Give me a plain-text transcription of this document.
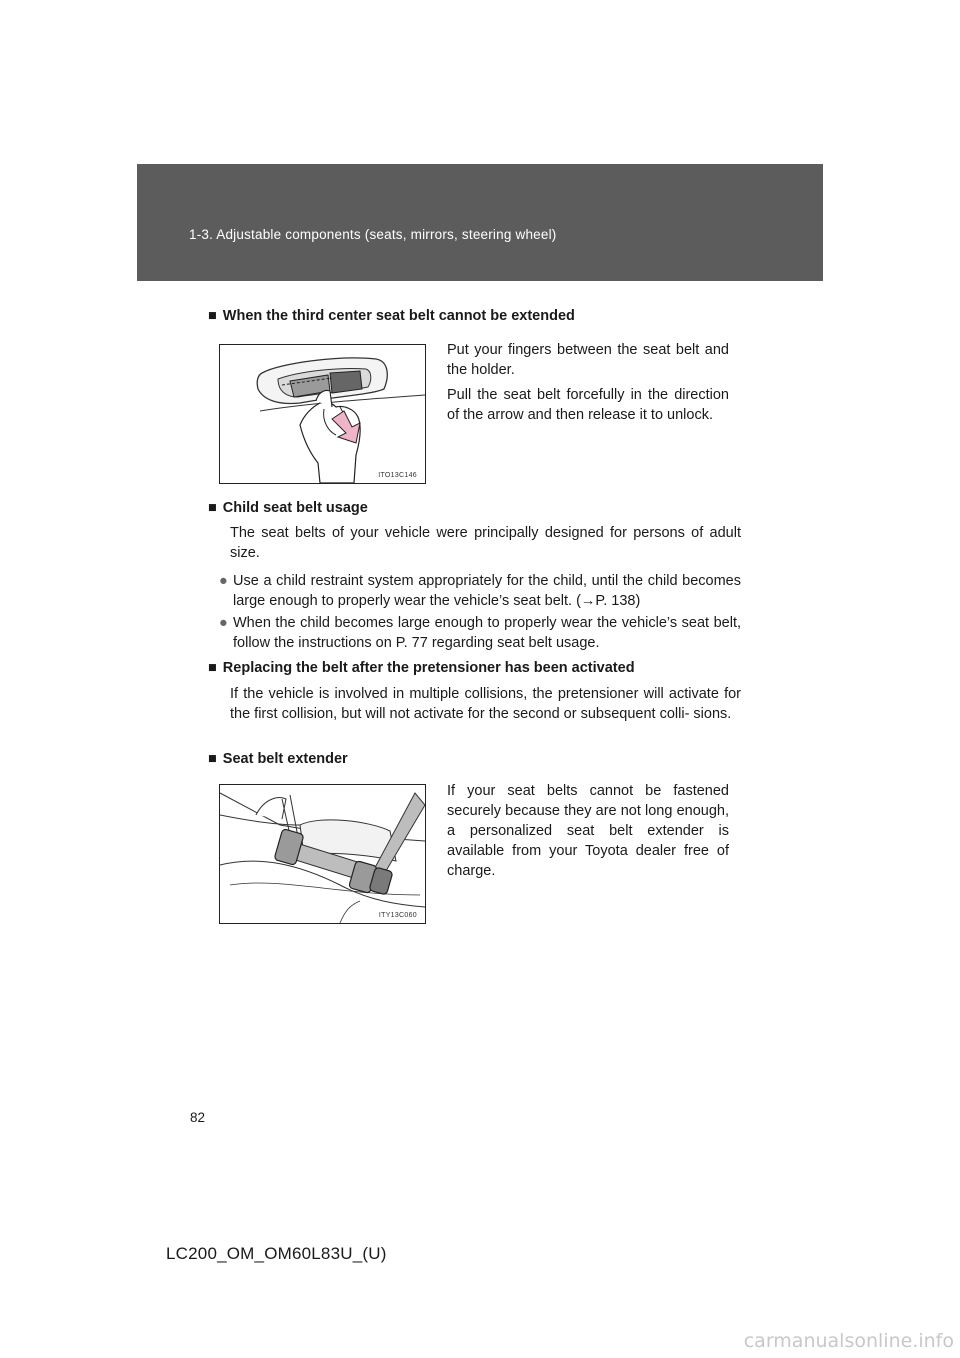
1-3. Adjustable components (seats, mirrors, steering wheel)
■ When the third center seat belt cannot be extended
ITO13C146
Put your fingers between the seat belt and the holder.
Pull the seat belt forcefully in the direction of the arrow and then release it to unlock.
■ Child seat belt usage
The seat belts of your vehicle were principally designed for persons of adult size.
● Use a child restraint system appropriately for the child, until the child becomes large enough to properly wear the vehicle’s seat belt. (→P. 138)
● When the child becomes large enough to properly wear the vehicle’s seat belt, follow the instructions on P. 77 regarding seat belt usage.
■ Replacing the belt after the pretensioner has been activated
If the vehicle is involved in multiple collisions, the pretensioner will activate for the first collision, but will not activate for the second or subsequent colli- sions.
■ Seat belt extender
ITY13C060
If your seat belts cannot be fastened securely because they are not long enough, a personalized seat belt extender is available from your Toyota dealer free of charge.
82
LC200_OM_OM60L83U_(U)
carmanualsonline.info
